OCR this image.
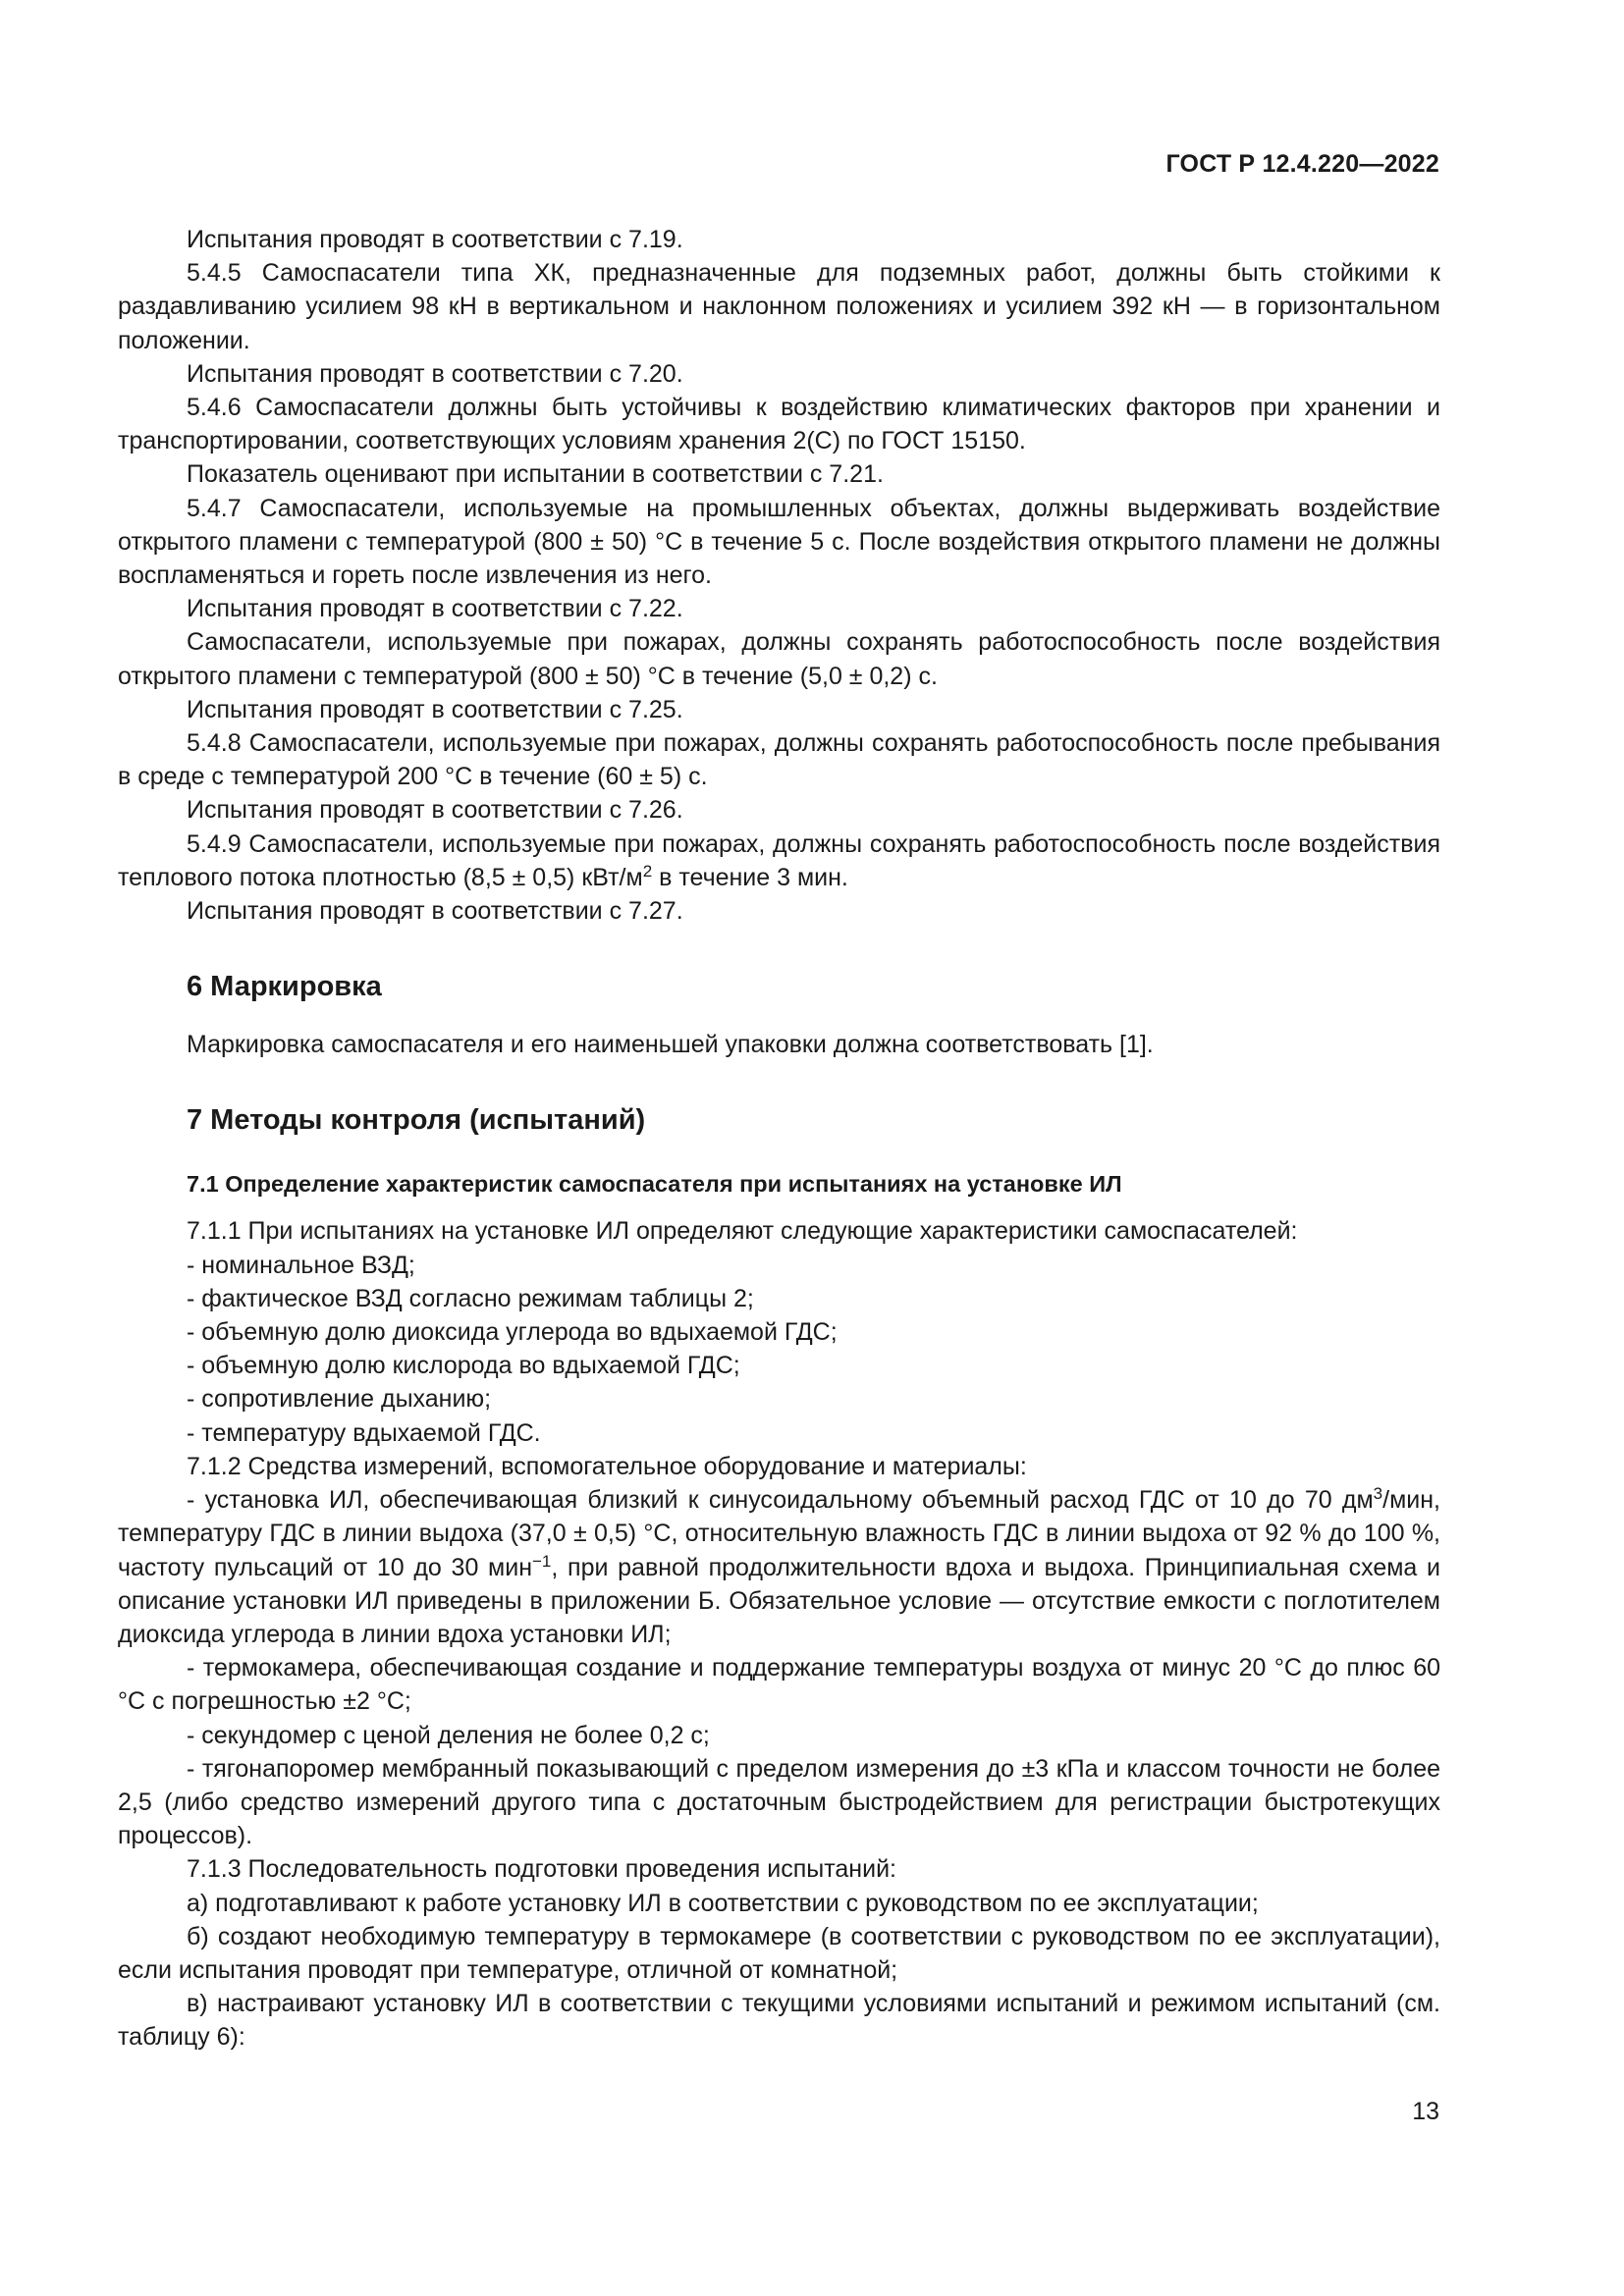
ГОСТ Р 12.4.220—2022

Испытания проводят в соответствии с 7.19.

5.4.5 Самоспасатели типа ХК, предназначенные для подземных работ, должны быть стойкими к раздавливанию усилием 98 кН в вертикальном и наклонном положениях и усилием 392 кН — в горизонтальном положении.

Испытания проводят в соответствии с 7.20.

5.4.6 Самоспасатели должны быть устойчивы к воздействию климатических факторов при хранении и транспортировании, соответствующих условиям хранения 2(С) по ГОСТ 15150.

Показатель оценивают при испытании в соответствии с 7.21.

5.4.7 Самоспасатели, используемые на промышленных объектах, должны выдерживать воздействие открытого пламени с температурой (800 ± 50) °С в течение 5 с. После воздействия открытого пламени не должны воспламеняться и гореть после извлечения из него.

Испытания проводят в соответствии с 7.22.

Самоспасатели, используемые при пожарах, должны сохранять работоспособность после воздействия открытого пламени с температурой (800 ± 50) °С в течение (5,0 ± 0,2) с.

Испытания проводят в соответствии с 7.25.

5.4.8 Самоспасатели, используемые при пожарах, должны сохранять работоспособность после пребывания в среде с температурой 200 °С в течение (60 ± 5) с.

Испытания проводят в соответствии с 7.26.

5.4.9 Самоспасатели, используемые при пожарах, должны сохранять работоспособность после воздействия теплового потока плотностью (8,5 ± 0,5) кВт/$м^2$ в течение 3 мин.

Испытания проводят в соответствии с 7.27.

6 Маркировка

Маркировка самоспасателя и его наименьшей упаковки должна соответствовать [1].

7 Методы контроля (испытаний)
7.1 Определение характеристик самоспасателя при испытаниях на установке ИЛ

7.1.1 При испытаниях на установке ИЛ определяют следующие характеристики самоспасателей:

- номинальное ВЗД;

- фактическое ВЗД согласно режимам таблицы 2;

- объемную долю диоксида углерода во вдыхаемой ГДС;

- объемную долю кислорода во вдыхаемой ГДС;

- сопротивление дыханию;

- температуру вдыхаемой ГДС.

7.1.2 Средства измерений, вспомогательное оборудование и материалы:

- установка ИЛ, обеспечивающая близкий к синусоидальному объемный расход ГДС от 10 до 70 $дм^3$/мин, температуру ГДС в линии выдоха (37,0 ± 0,5) °С, относительную влажность ГДС в линии выдоха от 92 % до 100 %, частоту пульсаций от 10 до 30 мин$^{-1}$, при равной продолжительности вдоха и выдоха. Принципиальная схема и описание установки ИЛ приведены в приложении Б. Обязательное условие — отсутствие емкости с поглотителем диоксида углерода в линии вдоха установки ИЛ;

- термокамера, обеспечивающая создание и поддержание температуры воздуха от минус 20 °С до плюс 60 °С с погрешностью ±2 °С;

- секундомер с ценой деления не более 0,2 с;

- тягонапоромер мембранный показывающий с пределом измерения до ±3 кПа и классом точности не более 2,5 (либо средство измерений другого типа с достаточным быстродействием для регистрации быстротекущих процессов).

7.1.3 Последовательность подготовки проведения испытаний:

а) подготавливают к работе установку ИЛ в соответствии с руководством по ее эксплуатации;

б) создают необходимую температуру в термокамере (в соответствии с руководством по ее эксплуатации), если испытания проводят при температуре, отличной от комнатной;

в) настраивают установку ИЛ в соответствии с текущими условиями испытаний и режимом испытаний (см. таблицу 6):

13
